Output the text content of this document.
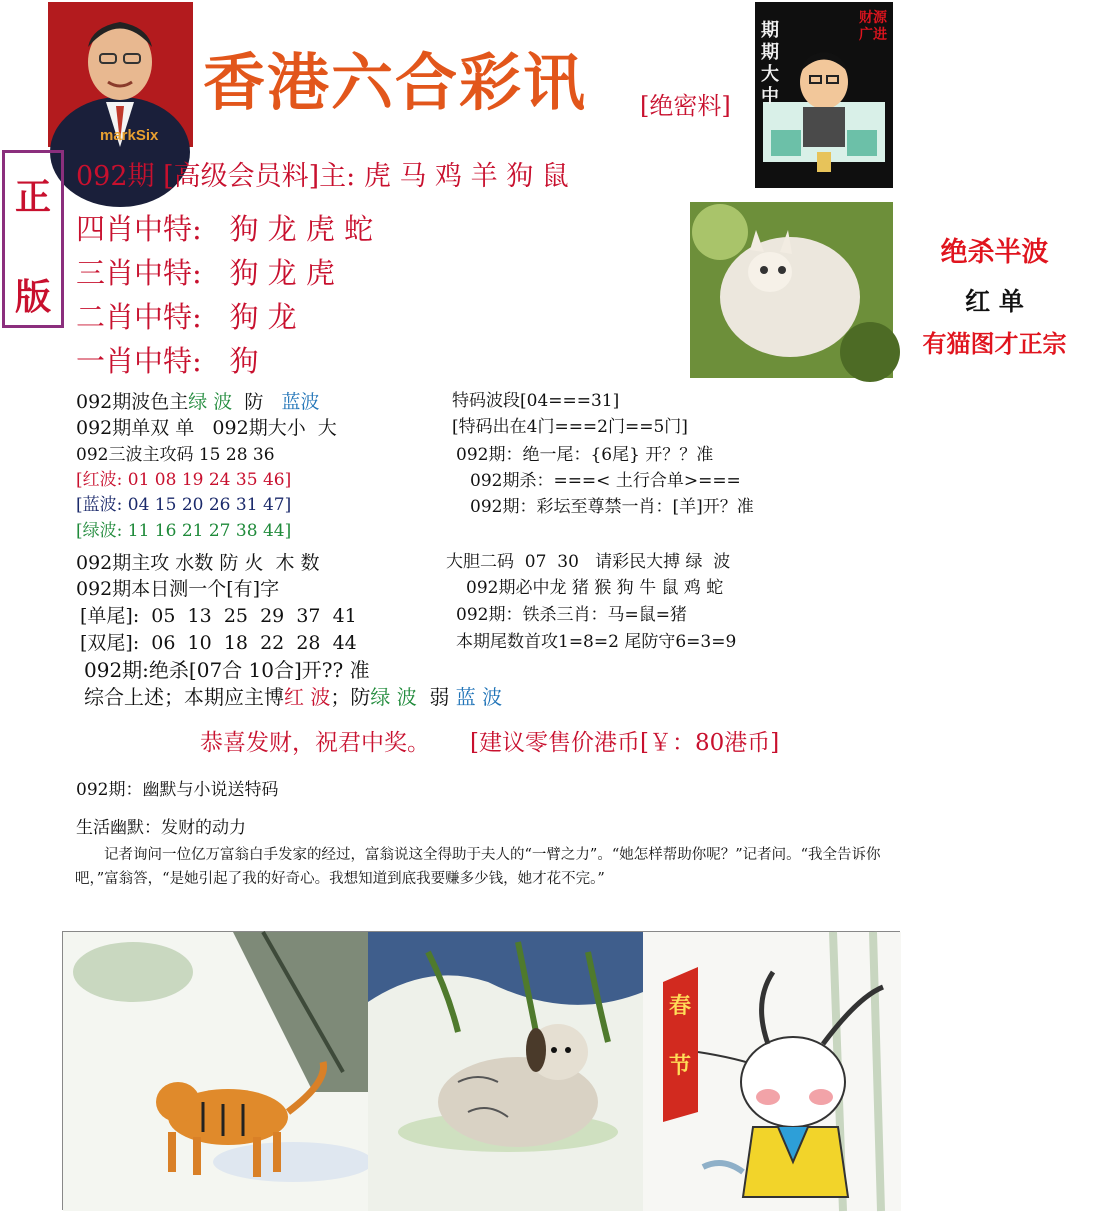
markSix
香港六合彩讯 [绝密料]
期期大中
财源广进
正
版
092期 [高级会员料]主: 虎 马 鸡 羊 狗 鼠
四肖中特: 狗 龙 虎 蛇
三肖中特: 狗 龙 虎
二肖中特: 狗 龙
一肖中特: 狗
绝杀半波
红 单
有猫图才正宗
092期波色主绿 波  防   蓝波
092期单双 单   092期大小  大
092三波主攻码 15 28 36
[红波: 01 08 19 24 35 46]
[蓝波: 04 15 20 26 31 47]
[绿波: 11 16 21 27 38 44]
092期主攻 水数 防 火  木 数
092期本日测一个[有]字
[单尾]:  05  13  25  29  37  41
[双尾]:  06  10  18  22  28  44
092期:绝杀[07合 10合]开?? 准
综合上述；本期应主博红 波；防绿 波  弱 蓝 波
特码波段[04===31]
[特码出在4门===2门==5门]
092期：绝一尾：{6尾} 开？？准
092期杀：===< 土行合单>===
092期：彩坛至尊禁一肖：[羊]开？准
大胆二码  07  30   请彩民大搏 绿  波
092期必中龙 猪 猴 狗 牛 鼠 鸡 蛇
092期：铁杀三肖：马=鼠=猪
本期尾数首攻1=8=2 尾防守6=3=9
恭喜发财，祝君中奖。 [建议零售价港币[￥：80港币]
092期：幽默与小说送特码
生活幽默：发财的动力
记者询问一位亿万富翁白手发家的经过，富翁说这全得助于夫人的“一臂之力”。“她怎样帮助你呢？”记者问。“我全告诉你吧，”富翁答，“是她引起了我的好奇心。我想知道到底我要赚多少钱，她才花不完。”
春
节
